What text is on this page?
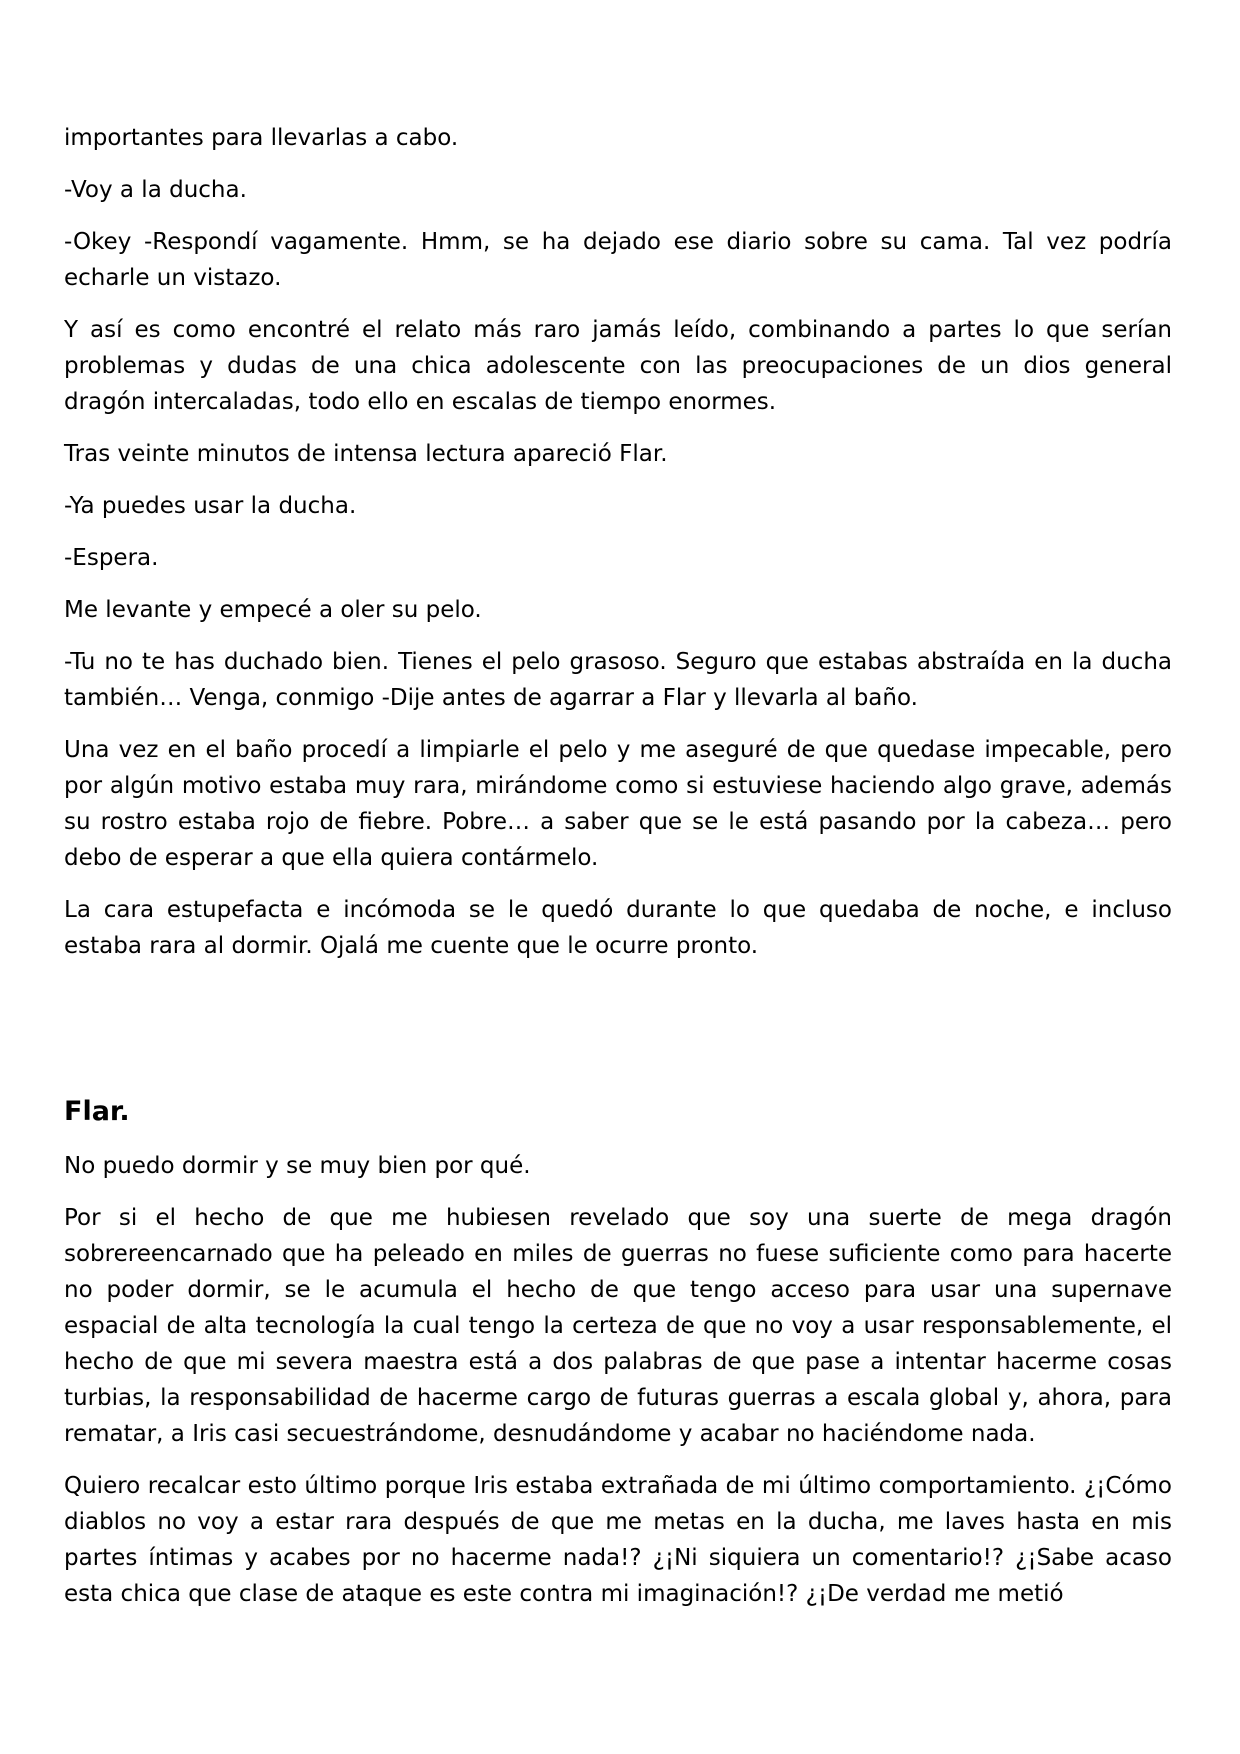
importantes para llevarlas a cabo.

-Voy a la ducha.

-Okey -Respondí vagamente. Hmm, se ha dejado ese diario sobre su cama. Tal vez podría echarle un vistazo.

Y así es como encontré el relato más raro jamás leído, combinando a partes lo que serían problemas y dudas de una chica adolescente con las preocupaciones de un dios general dragón intercaladas, todo ello en escalas de tiempo enormes.

Tras veinte minutos de intensa lectura apareció Flar.

-Ya puedes usar la ducha.

-Espera.

Me levante y empecé a oler su pelo.

-Tu no te has duchado bien. Tienes el pelo grasoso. Seguro que estabas abstraída en la ducha también… Venga, conmigo -Dije antes de agarrar a Flar y llevarla al baño.

Una vez en el baño procedí a limpiarle el pelo y me aseguré de que quedase impecable, pero por algún motivo estaba muy rara, mirándome como si estuviese haciendo algo grave, además su rostro estaba rojo de fiebre. Pobre… a saber que se le está pasando por la cabeza… pero debo de esperar a que ella quiera contármelo.

La cara estupefacta e incómoda se le quedó durante lo que quedaba de noche, e incluso estaba rara al dormir. Ojalá me cuente que le ocurre pronto.

Flar.

No puedo dormir y se muy bien por qué.

Por si el hecho de que me hubiesen revelado que soy una suerte de mega dragón sobrereencarnado que ha peleado en miles de guerras no fuese suficiente como para hacerte no poder dormir, se le acumula el hecho de que tengo acceso para usar una supernave espacial de alta tecnología la cual tengo la certeza de que no voy a usar responsablemente, el hecho de que mi severa maestra está a dos palabras de que pase a intentar hacerme cosas turbias, la responsabilidad de hacerme cargo de futuras guerras a escala global y, ahora, para rematar, a Iris casi secuestrándome, desnudándome y acabar no haciéndome nada.

Quiero recalcar esto último porque Iris estaba extrañada de mi último comportamiento. ¿¡Cómo diablos no voy a estar rara después de que me metas en la ducha, me laves hasta en mis partes íntimas y acabes por no hacerme nada!? ¿¡Ni siquiera un comentario!? ¿¡Sabe acaso esta chica que clase de ataque es este contra mi imaginación!? ¿¡De verdad me metió
